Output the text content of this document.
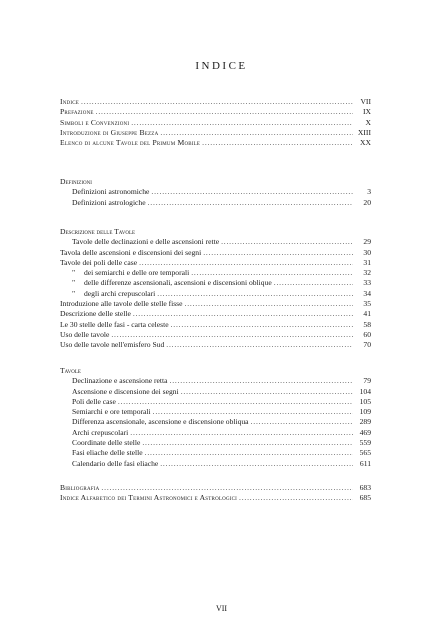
INDICE
Indice .....	VII
Prefazione .....	IX
Simboli e Convenzioni .....	X
Introduzione di Giuseppe Bezza .....	XIII
Elenco di alcune Tavole del Primum Mobile .....	XX
Definizioni
Definizioni astronomiche .....	3
Definizioni astrologiche .....	20
Descrizione delle Tavole
Tavole delle declinazioni e delle ascensioni rette .....	29
Tavola delle ascensioni e discensioni dei segni .....	30
Tavole dei poli delle case .....	31
" dei semiarchi e delle ore temporali .....	32
" delle differenze ascensionali, ascensioni e discensioni oblique .....	33
" degli archi crepuscolari .....	34
Introduzione alle tavole delle stelle fisse .....	35
Descrizione delle stelle .....	41
Le 30 stelle delle fasi - carta celeste .....	58
Uso delle tavole .....	60
Uso delle tavole nell'emisfero Sud .....	70
Tavole
Declinazione e ascensione retta .....	79
Ascensione e discensione dei segni .....	104
Poli delle case .....	105
Semiarchi e ore temporali .....	109
Differenza ascensionale, ascensione e discensione obliqua .....	289
Archi crepuscolari .....	469
Coordinate delle stelle .....	559
Fasi eliache delle stelle .....	565
Calendario delle fasi eliache .....	611
Bibliografia .....	683
Indice Alfabetico dei Termini Astronomici e Astrologici .....	685
VII
